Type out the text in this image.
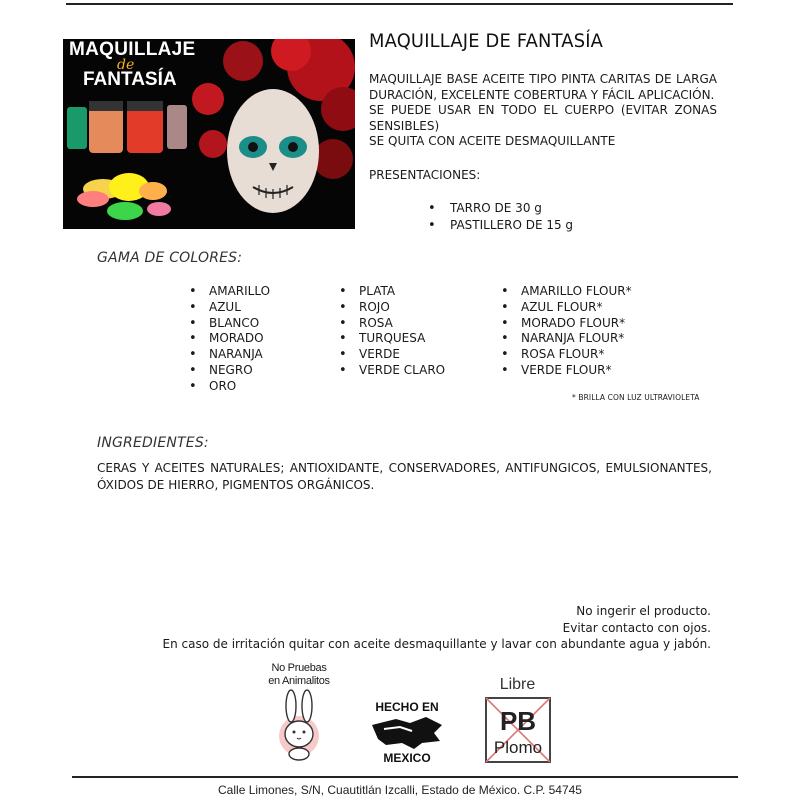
MAQUILLAJE
de
FANTASÍA
MAQUILLAJE DE FANTASÍA
MAQUILLAJE BASE ACEITE TIPO PINTA CARITAS DE LARGA DURACIÓN, EXCELENTE COBERTURA Y FÁCIL APLICACIÓN.
SE PUEDE USAR EN TODO EL CUERPO (EVITAR ZONAS SENSIBLES)
SE QUITA CON ACEITE DESMAQUILLANTE
PRESENTACIONES:
• TARRO DE 30 g
• PASTILLERO DE 15 g
GAMA DE COLORES:
• AMARILLO
• AZUL
• BLANCO
• MORADO
• NARANJA
• NEGRO
• ORO
• PLATA
• ROJO
• ROSA
• TURQUESA
• VERDE
• VERDE CLARO
• AMARILLO FLOUR*
• AZUL FLOUR*
• MORADO FLOUR*
• NARANJA FLOUR*
• ROSA FLOUR*
• VERDE FLOUR*
* BRILLA CON LUZ ULTRAVIOLETA
INGREDIENTES:
CERAS Y ACEITES NATURALES; ANTIOXIDANTE, CONSERVADORES, ANTIFUNGICOS, EMULSIONANTES, ÓXIDOS DE HIERRO, PIGMENTOS ORGÁNICOS.
No ingerir el producto.
Evitar contacto con ojos.
En caso de irritación quitar con aceite desmaquillante y lavar con abundante agua y jabón.
No Pruebas
en Animalitos
HECHO EN
MEXICO
Libre
PB
Plomo
Calle Limones, S/N, Cuautitlán Izcalli, Estado de México. C.P. 54745
